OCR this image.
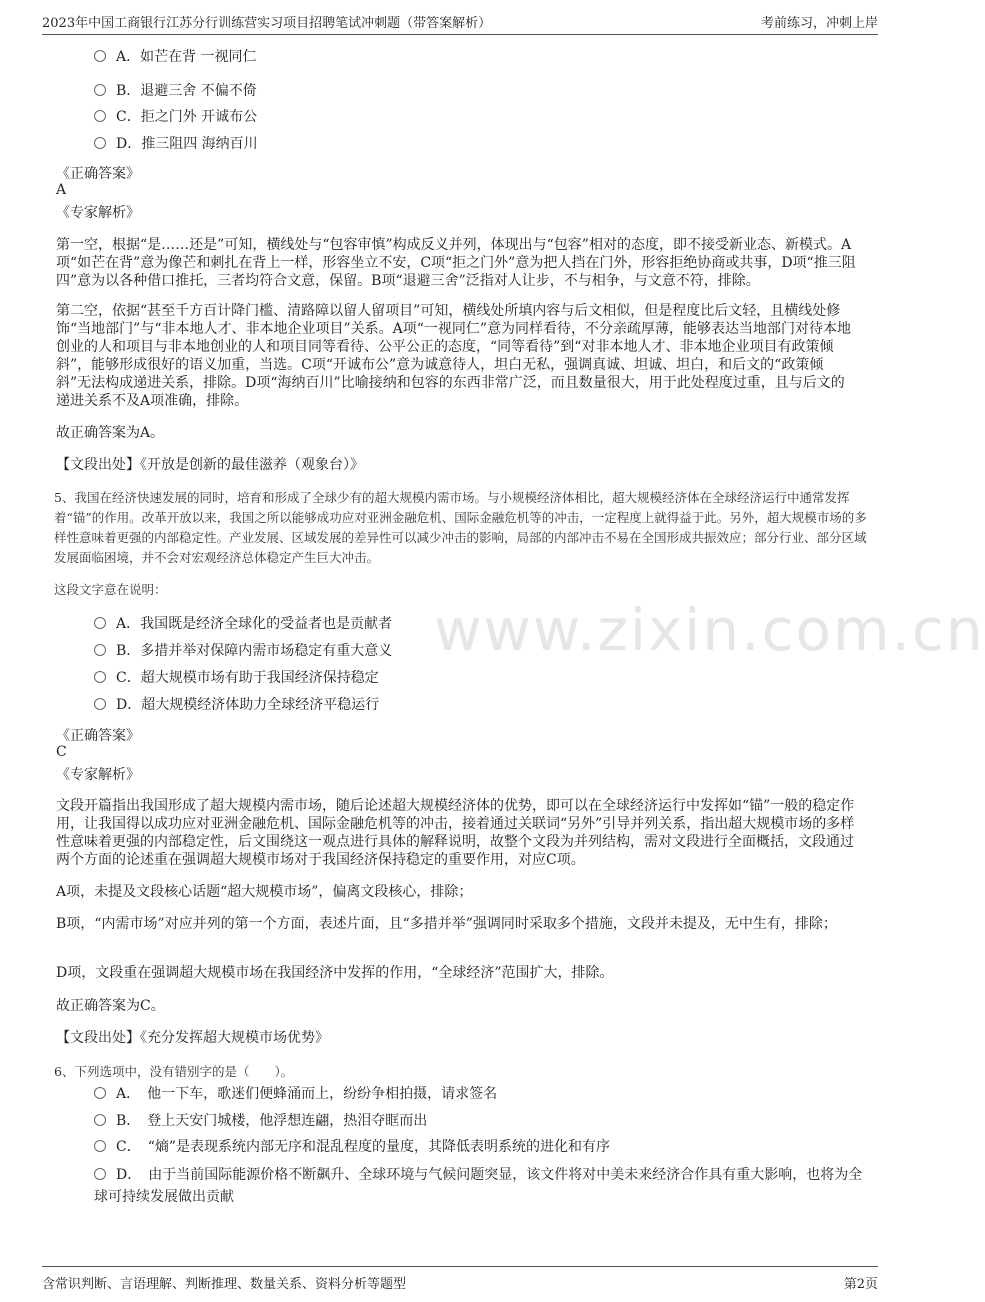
2023年中国工商银行江苏分行训练营实习项目招聘笔试冲刺题（带答案解析）	考前练习，冲刺上岸
www.zixin.com.cn
A．如芒在背 一视同仁
B．退避三舍 不偏不倚
C．拒之门外 开诚布公
D．推三阻四 海纳百川
《正确答案》
A
《专家解析》

第一空，根据“是……还是”可知，横线处与“包容审慎”构成反义并列，体现出与“包容”相对的态度，即不接受新业态、新模式。A项“如芒在背”意为像芒和刺扎在背上一样，形容坐立不安，C项“拒之门外”意为把人挡在门外，形容拒绝协商或共事，D项“推三阻四”意为以各种借口推托，三者均符合文意，保留。B项“退避三舍”泛指对人让步，不与相争，与文意不符，排除。

第二空，依据“甚至千方百计降门槛、清路障以留人留项目”可知，横线处所填内容与后文相似，但是程度比后文轻，且横线处修饰“当地部门”与“非本地人才、非本地企业项目”关系。A项“一视同仁”意为同样看待，不分亲疏厚薄，能够表达当地部门对待本地创业的人和项目与非本地创业的人和项目同等看待、公平公正的态度，“同等看待”到“对非本地人才、非本地企业项目有政策倾斜”，能够形成很好的语义加重，当选。C项“开诚布公”意为诚意待人，坦白无私，强调真诚、坦诚、坦白，和后文的“政策倾斜”无法构成递进关系，排除。D项“海纳百川”比喻接纳和包容的东西非常广泛，而且数量很大，用于此处程度过重，且与后文的递进关系不及A项准确，排除。

故正确答案为A。

【文段出处】《开放是创新的最佳滋养（观象台）》

5、我国在经济快速发展的同时，培育和形成了全球少有的超大规模内需市场。与小规模经济体相比，超大规模经济体在全球经济运行中通常发挥着“锚”的作用。改革开放以来，我国之所以能够成功应对亚洲金融危机、国际金融危机等的冲击，一定程度上就得益于此。另外，超大规模市场的多样性意味着更强的内部稳定性。产业发展、区域发展的差异性可以减少冲击的影响，局部的内部冲击不易在全国形成共振效应；部分行业、部分区域发展面临困境，并不会对宏观经济总体稳定产生巨大冲击。

这段文字意在说明：

A．我国既是经济全球化的受益者也是贡献者
B．多措并举对保障内需市场稳定有重大意义
C．超大规模市场有助于我国经济保持稳定
D．超大规模经济体助力全球经济平稳运行
《正确答案》
C
《专家解析》

文段开篇指出我国形成了超大规模内需市场，随后论述超大规模经济体的优势，即可以在全球经济运行中发挥如“锚”一般的稳定作用，让我国得以成功应对亚洲金融危机、国际金融危机等的冲击，接着通过关联词“另外”引导并列关系，指出超大规模市场的多样性意味着更强的内部稳定性，后文围绕这一观点进行具体的解释说明，故整个文段为并列结构，需对文段进行全面概括，文段通过两个方面的论述重在强调超大规模市场对于我国经济保持稳定的重要作用，对应C项。

A项，未提及文段核心话题“超大规模市场”，偏离文段核心，排除；

B项，“内需市场”对应并列的第一个方面，表述片面，且“多措并举”强调同时采取多个措施，文段并未提及，无中生有，排除；

D项，文段重在强调超大规模市场在我国经济中发挥的作用，“全球经济”范围扩大，排除。

故正确答案为C。

【文段出处】《充分发挥超大规模市场优势》

6、下列选项中，没有错别字的是（　　）。

A．　他一下车，歌迷们便蜂涌而上，纷纷争相拍摄，请求签名
B．　登上天安门城楼，他浮想连翩，热泪夺眶而出
C．　“熵”是表现系统内部无序和混乱程度的量度，其降低表明系统的进化和有序
D．　由于当前国际能源价格不断飙升、全球环境与气候问题突显，该文件将对中美未来经济合作具有重大影响，也将为全球可持续发展做出贡献
含常识判断、言语理解、判断推理、数量关系、资料分析等题型	第2页
